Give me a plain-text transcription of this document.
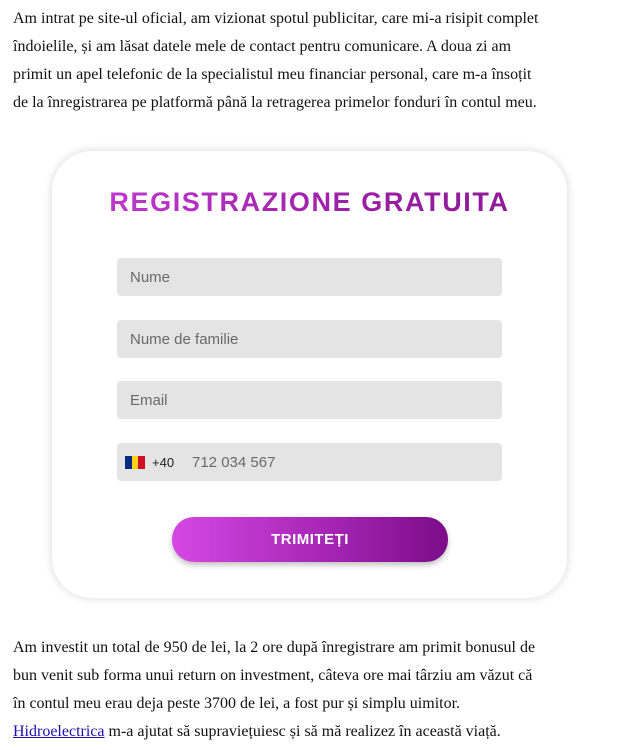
Am intrat pe site-ul oficial, am vizionat spotul publicitar, care mi-a risipit complet
îndoielile, și am lăsat datele mele de contact pentru comunicare. A doua zi am
primit un apel telefonic de la specialistul meu financiar personal, care m-a însoțit
de la înregistrarea pe platformă până la retragerea primelor fonduri în contul meu.

REGISTRAZIONE GRATUITA
Nume
Nume de familie
Email
+40
712 034 567
TRIMITEȚI

Am investit un total de 950 de lei, la 2 ore după înregistrare am primit bonusul de
bun venit sub forma unui return on investment, câteva ore mai târziu am văzut că
în contul meu erau deja peste 3700 de lei, a fost pur și simplu uimitor.
Hidroelectrica m-a ajutat să supraviețuiesc și să mă realizez în această viață.
